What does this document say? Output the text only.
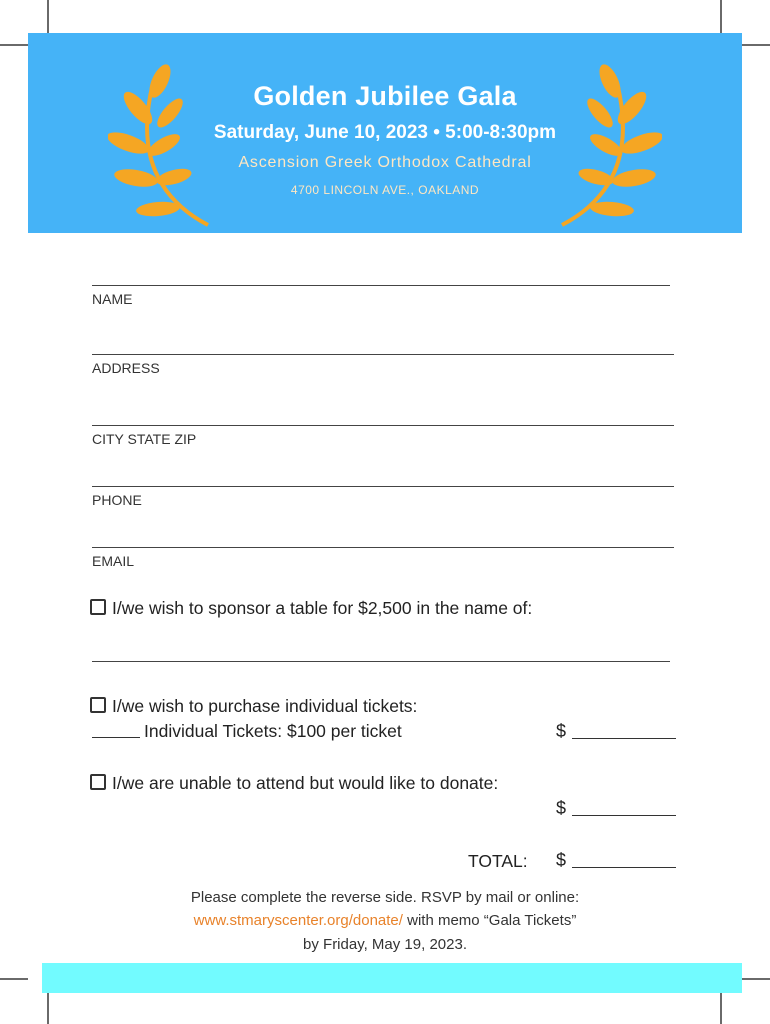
Golden Jubilee Gala
Saturday, June 10, 2023 • 5:00-8:30pm
Ascension Greek Orthodox Cathedral
4700 LINCOLN AVE., OAKLAND
NAME
ADDRESS
CITY STATE ZIP
PHONE
EMAIL
I/we wish to sponsor a table for $2,500 in the name of:
I/we wish to purchase individual tickets:
Individual Tickets: $100 per ticket	$
I/we are unable to attend but would like to donate:
$
TOTAL: $
Please complete the reverse side. RSVP by mail or online:
www.stmaryscenter.org/donate/ with memo “Gala Tickets”
by Friday, May 19, 2023.
